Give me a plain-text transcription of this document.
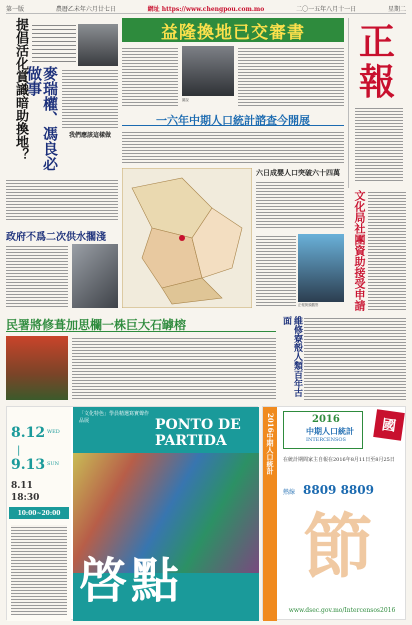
第一版	農曆乙未年六月廿七日	網址 https://www.chengpou.com.mo	二〇一五年八月十一日	星期二
提倡活化賞識暗助換地？ 麥瑞權、馮良必做事
我們應該這樣做
政府不爲二次供水擱淺
益隆換地已交審書
圖說
正
報
一六年中期人口統計諮查今開展
六日成嬰人口突破六十四萬
正報街頭觀察	文化局社團資助接受申請
民署將修葺加思欄一株巨大石罅榕	維修寮殼人類百年古面
8.12 WED
|
9.13 SUN
8.11
18:30
10:00~20:00
PONTO DE
PARTIDA
「文化特色」學員精選寫實聲作品展
啓點
2016中期人口統計	2016
中期人口統計
INTERCENSOS
國
在統計期間家主自報在2016年8月11日至8月25日
熱線 8809 8809
節
www.dsec.gov.mo/Intercensos2016
